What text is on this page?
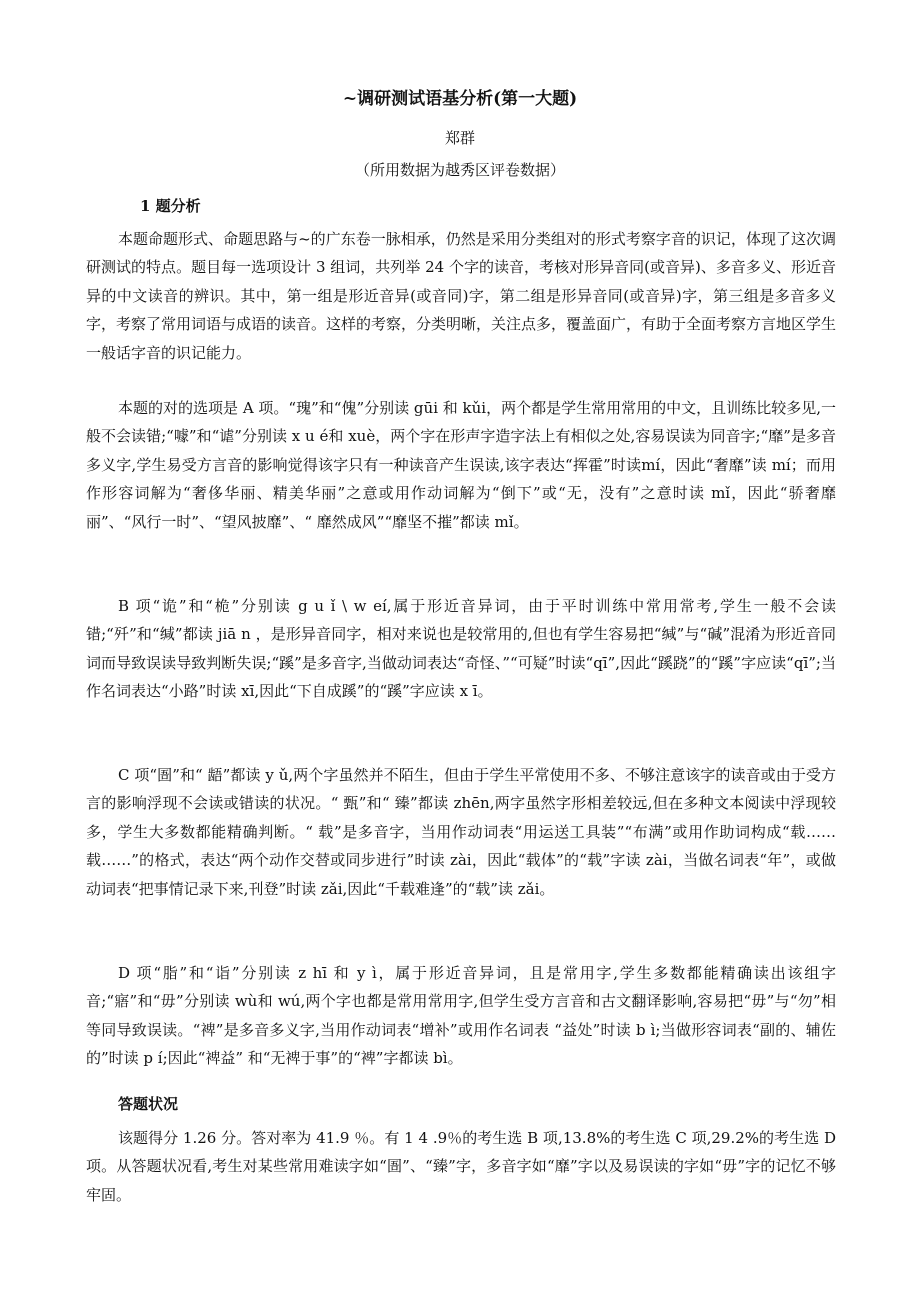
~调研测试语基分析(第一大题)

郑群

（所用数据为越秀区评卷数据）

1 题分析

本题命题形式、命题思路与~的广东卷一脉相承，仍然是采用分类组对的形式考察字音的识记，体现了这次调研测试的特点。题目每一选项设计 3 组词，共列举 24 个字的读音，考核对形异音同(或音异)、多音多义、形近音异的中文读音的辨识。其中，第一组是形近音异(或音同)字，第二组是形异音同(或音异)字，第三组是多音多义字，考察了常用词语与成语的读音。这样的考察，分类明晰，关注点多，覆盖面广，有助于全面考察方言地区学生一般话字音的识记能力。

本题的对的选项是 A 项。“瑰”和“傀”分别读 gūi 和 kǔi，两个都是学生常用常用的中文，且训练比较多见,一般不会读错;“噱”和“谑”分别读 x u é和 xuè，两个字在形声字造字法上有相似之处,容易误读为同音字;“靡”是多音多义字,学生易受方言音的影响觉得该字只有一种读音产生误读,该字表达“挥霍”时读mí，因此“奢靡”读 mí；而用作形容词解为“奢侈华丽、精美华丽”之意或用作动词解为“倒下”或“无，没有”之意时读 mǐ，因此“骄奢靡丽”、“风行一时”、“望风披靡”、“ 靡然成风”“靡坚不摧”都读 mǐ。

B 项“诡”和“桅”分别读 g u ǐ \ w eí,属于形近音异词，由于平时训练中常用常考,学生一般不会读错;“歼”和“缄”都读 jiā n ，是形异音同字，相对来说也是较常用的,但也有学生容易把“缄”与“碱”混淆为形近音同词而导致误读导致判断失误;“蹊”是多音字,当做动词表达“奇怪、”“可疑”时读“qī”,因此“蹊跷”的“蹊”字应读“qī”;当作名词表达“小路”时读 xī,因此“下自成蹊”的“蹊”字应读 x ī。

C 项“圄”和“ 龉”都读 y ǔ,两个字虽然并不陌生，但由于学生平常使用不多、不够注意该字的读音或由于受方言的影响浮现不会读或错读的状况。“ 甄”和“ 臻”都读 zhēn,两字虽然字形相差较远,但在多种文本阅读中浮现较多，学生大多数都能精确判断。“ 载”是多音字，当用作动词表“用运送工具装”“布满”或用作助词构成“载……载……”的格式，表达“两个动作交替或同步进行”时读 zài，因此“载体”的“载”字读 zài，当做名词表“年”，或做动词表“把事情记录下来,刊登”时读 zǎi,因此“千载难逢”的“载”读 zǎi。

D 项“脂”和“诣”分别读 z hī 和 y ì，属于形近音异词，且是常用字,学生多数都能精确读出该组字音;“寤”和“毋”分别读 wù和 wú,两个字也都是常用常用字,但学生受方言音和古文翻译影响,容易把“毋”与“勿”相等同导致误读。“裨”是多音多义字,当用作动词表“增补”或用作名词表 “益处”时读 b ì;当做形容词表“副的、辅佐的”时读 p í;因此“裨益” 和“无裨于事”的“裨”字都读 bì。

答题状况

该题得分 1.26 分。答对率为 41.9 ％。有 1 4 .9％的考生选 B 项,13.8%的考生选 C 项,29.2%的考生选 D 项。从答题状况看,考生对某些常用难读字如“圄”、“臻”字，多音字如“靡”字以及易误读的字如“毋”字的记忆不够牢固。
